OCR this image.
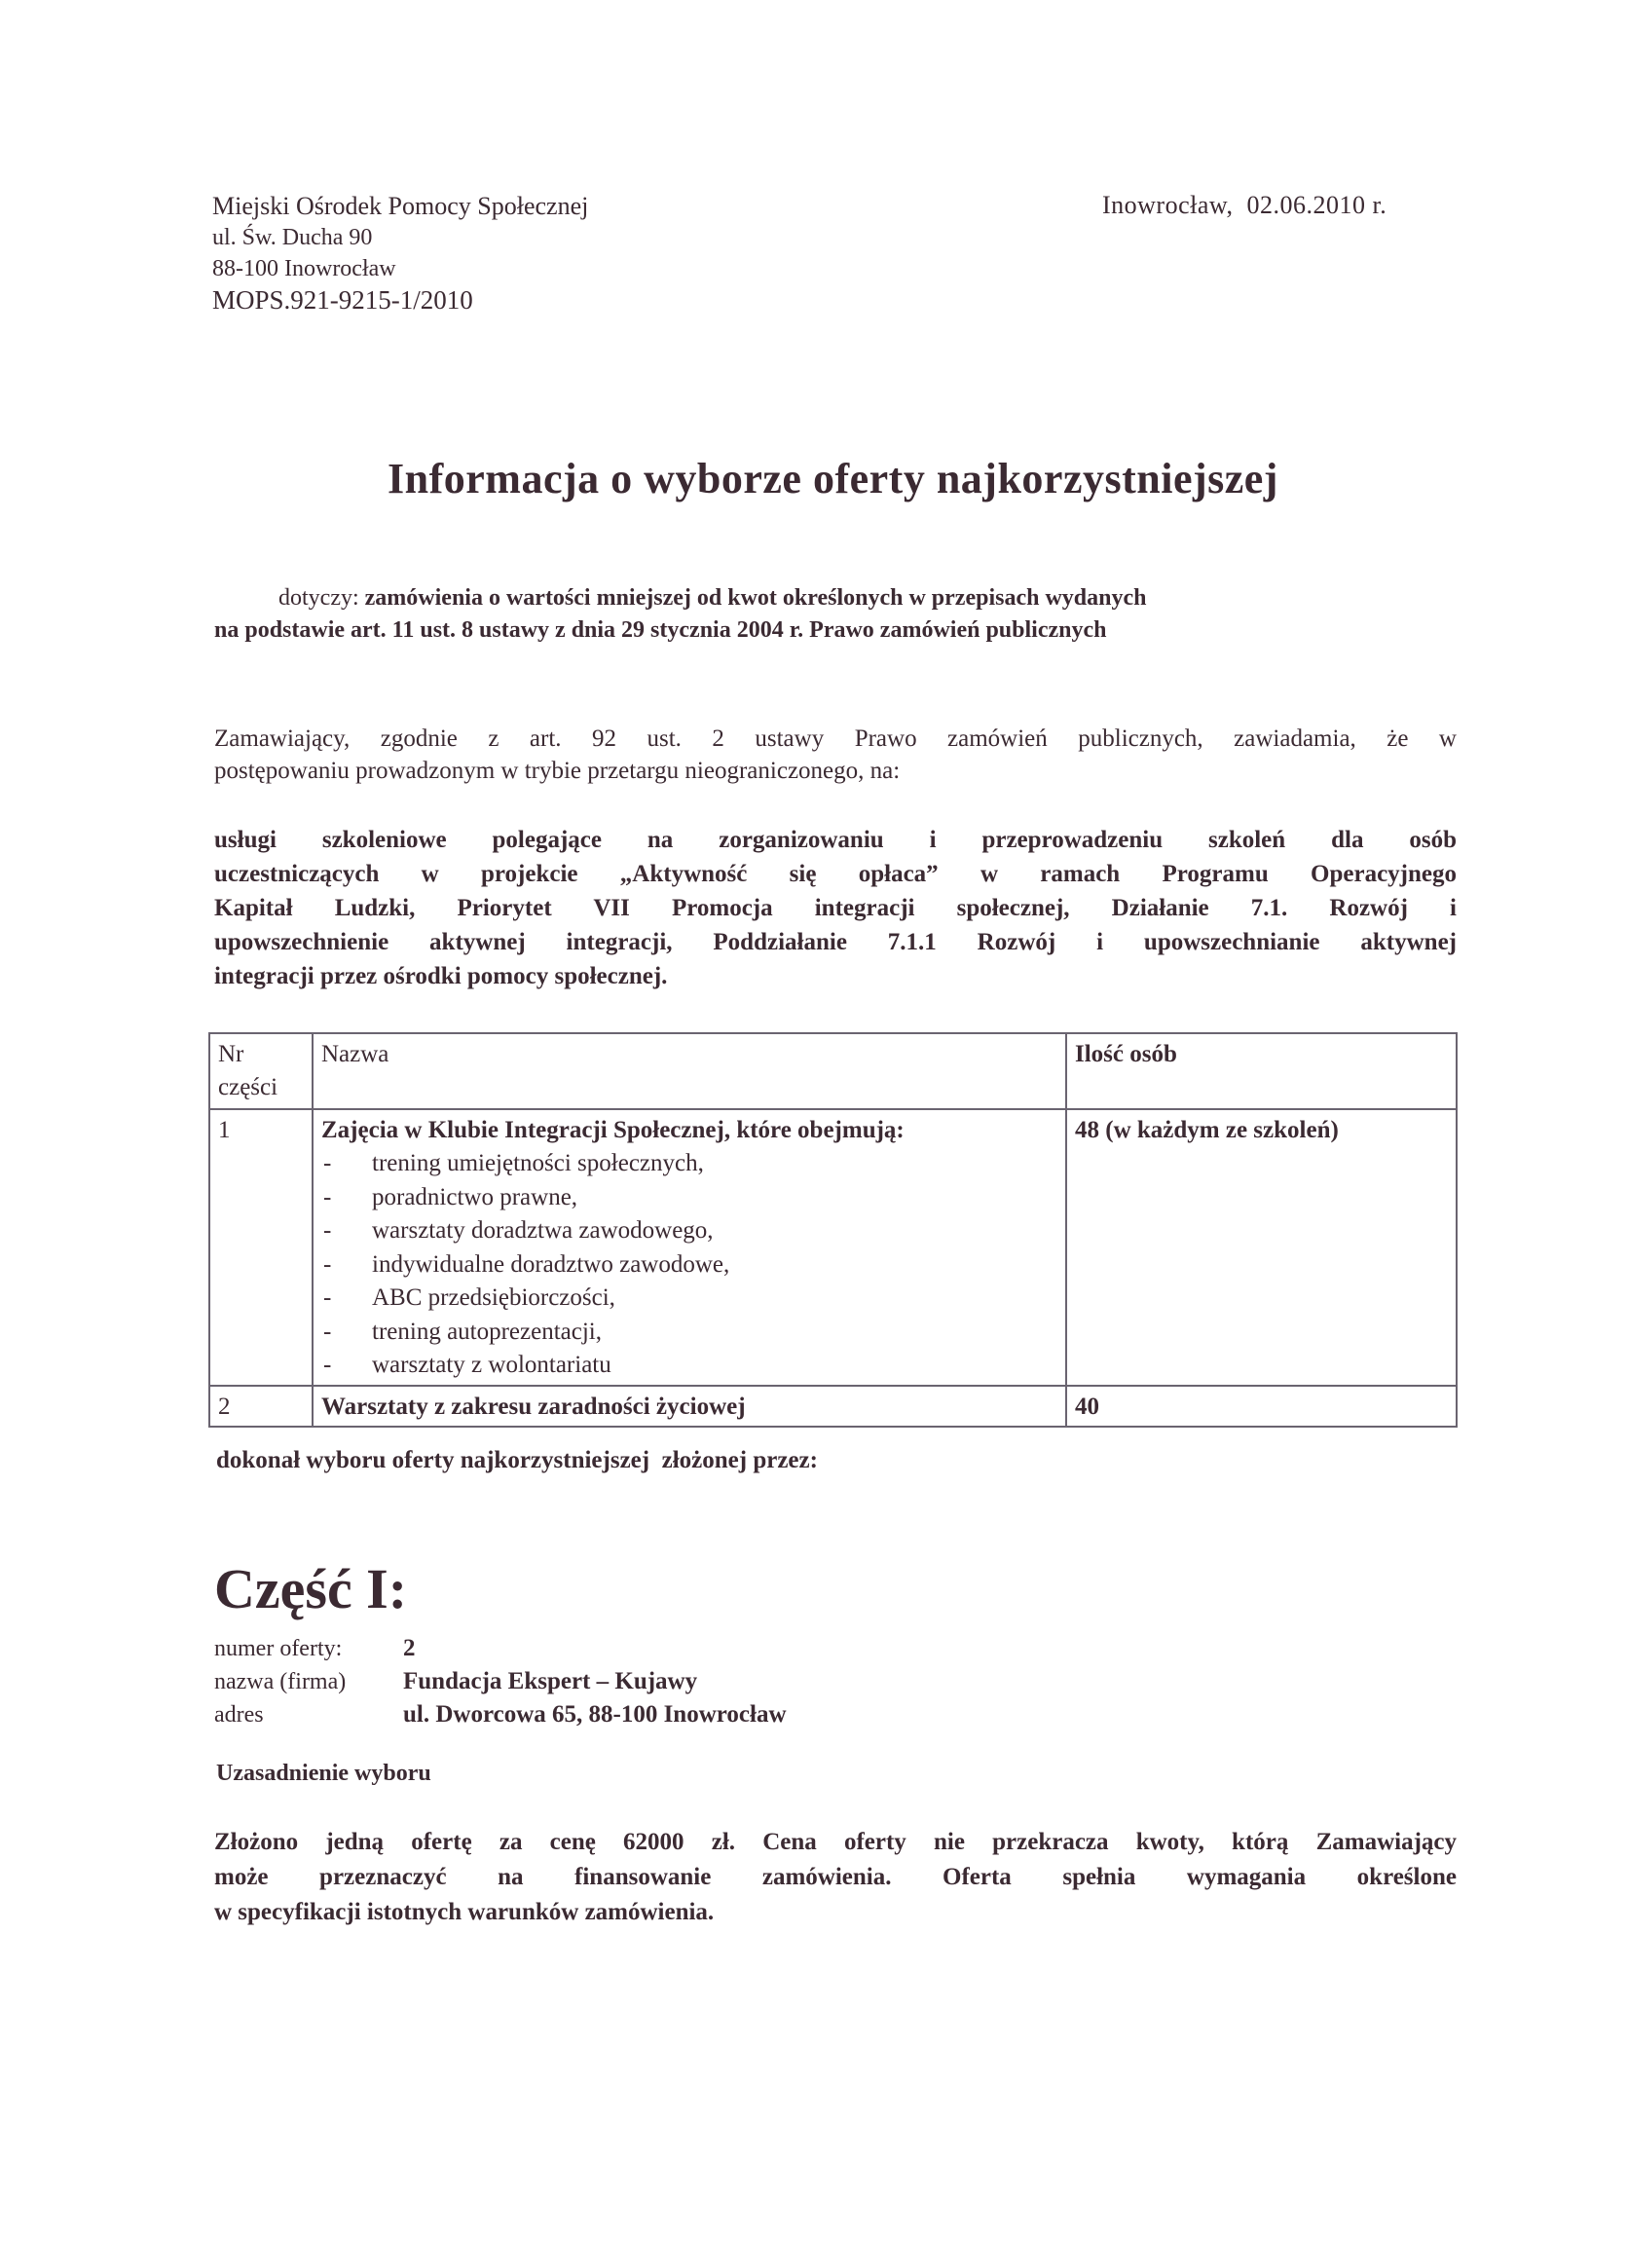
Miejski Ośrodek Pomocy Społecznej
ul. Św. Ducha 90
88-100 Inowrocław
MOPS.921-9215-1/2010
Inowrocław,  02.06.2010 r.
Informacja o wyborze oferty najkorzystniejszej
dotyczy: zamówienia o wartości mniejszej od kwot określonych w przepisach wydanych
na podstawie art. 11 ust. 8 ustawy z dnia 29 stycznia 2004 r. Prawo zamówień publicznych
Zamawiający, zgodnie z art. 92 ust. 2 ustawy Prawo zamówień publicznych, zawiadamia, że w
postępowaniu prowadzonym w trybie przetargu nieograniczonego, na:
usługi szkoleniowe polegające na zorganizowaniu i przeprowadzeniu szkoleń dla osób
uczestniczących w projekcie „Aktywność się opłaca” w ramach Programu Operacyjnego
Kapitał Ludzki, Priorytet VII Promocja integracji społecznej, Działanie 7.1. Rozwój i
upowszechnienie aktywnej integracji, Poddziałanie 7.1.1 Rozwój i upowszechnianie aktywnej
integracji przez ośrodki pomocy społecznej.
Nr części	Nazwa	Ilość osób
1	Zajęcia w Klubie Integracji Społecznej, które obejmują:
-	trening umiejętności społecznych,
-	poradnictwo prawne,
-	warsztaty doradztwa zawodowego,
-	indywidualne doradztwo zawodowe,
-	ABC przedsiębiorczości,
-	trening autoprezentacji,
-	warsztaty z wolontariatu
	48 (w każdym ze szkoleń)
2	Warsztaty z zakresu zaradności życiowej	40
dokonał wyboru oferty najkorzystniejszej  złożonej przez:
Część I:
numer oferty:	2
nazwa (firma)	Fundacja Ekspert – Kujawy
adres	ul. Dworcowa 65, 88-100 Inowrocław
Uzasadnienie wyboru
Złożono jedną ofertę za cenę 62000 zł. Cena oferty nie przekracza kwoty, którą Zamawiający
może przeznaczyć na finansowanie zamówienia. Oferta spełnia wymagania określone
w specyfikacji istotnych warunków zamówienia.
